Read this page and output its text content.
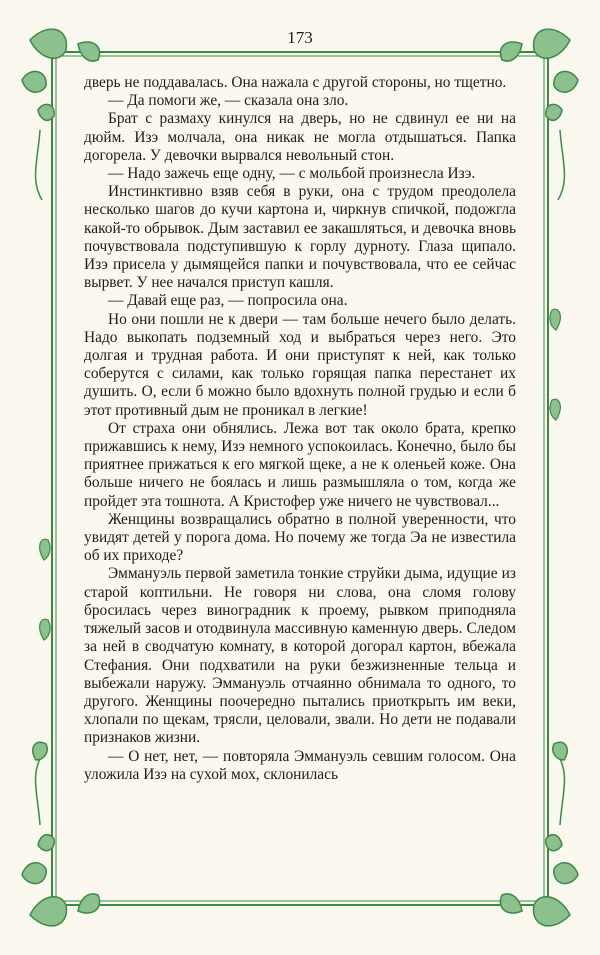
173

дверь не поддавалась. Она нажала с другой стороны, но тщетно.

— Да помоги же, — сказала она зло.

Брат с размаху кинулся на дверь, но не сдвинул ее ни на дюйм. Изэ молчала, она никак не могла отдышаться. Папка догорела. У девочки вырвался невольный стон.

— Надо зажечь еще одну, — с мольбой произнесла Изэ.

Инстинктивно взяв себя в руки, она с трудом преодолела несколько шагов до кучи картона и, чиркнув спичкой, подожгла какой-то обрывок. Дым заставил ее закашляться, и девочка вновь почувствовала подступившую к горлу дурноту. Глаза щипало. Изэ присела у дымящейся папки и почувствовала, что ее сейчас вырвет. У нее начался приступ кашля.

— Давай еще раз, — попросила она.

Но они пошли не к двери — там больше нечего было делать. Надо выкопать подземный ход и выбраться через него. Это долгая и трудная работа. И они приступят к ней, как только соберутся с силами, как только горящая папка перестанет их душить. О, если б можно было вдохнуть полной грудью и если б этот противный дым не проникал в легкие!

От страха они обнялись. Лежа вот так около брата, крепко прижавшись к нему, Изэ немного успокоилась. Конечно, было бы приятнее прижаться к его мягкой щеке, а не к оленьей коже. Она больше ничего не боялась и лишь размышляла о том, когда же пройдет эта тошнота. А Кристофер уже ничего не чувствовал...

Женщины возвращались обратно в полной уверенности, что увидят детей у порога дома. Но почему же тогда Эа не известила об их приходе?

Эммануэль первой заметила тонкие струйки дыма, идущие из старой коптильни. Не говоря ни слова, она сломя голову бросилась через виноградник к проему, рывком приподняла тяжелый засов и отодвинула массивную каменную дверь. Следом за ней в сводчатую комнату, в которой догорал картон, вбежала Стефания. Они подхватили на руки безжизненные тельца и выбежали наружу. Эммануэль отчаянно обнимала то одного, то другого. Женщины поочередно пытались приоткрыть им веки, хлопали по щекам, трясли, целовали, звали. Но дети не подавали признаков жизни.

— О нет, нет, — повторяла Эммануэль севшим голосом. Она уложила Изэ на сухой мох, склонилась
